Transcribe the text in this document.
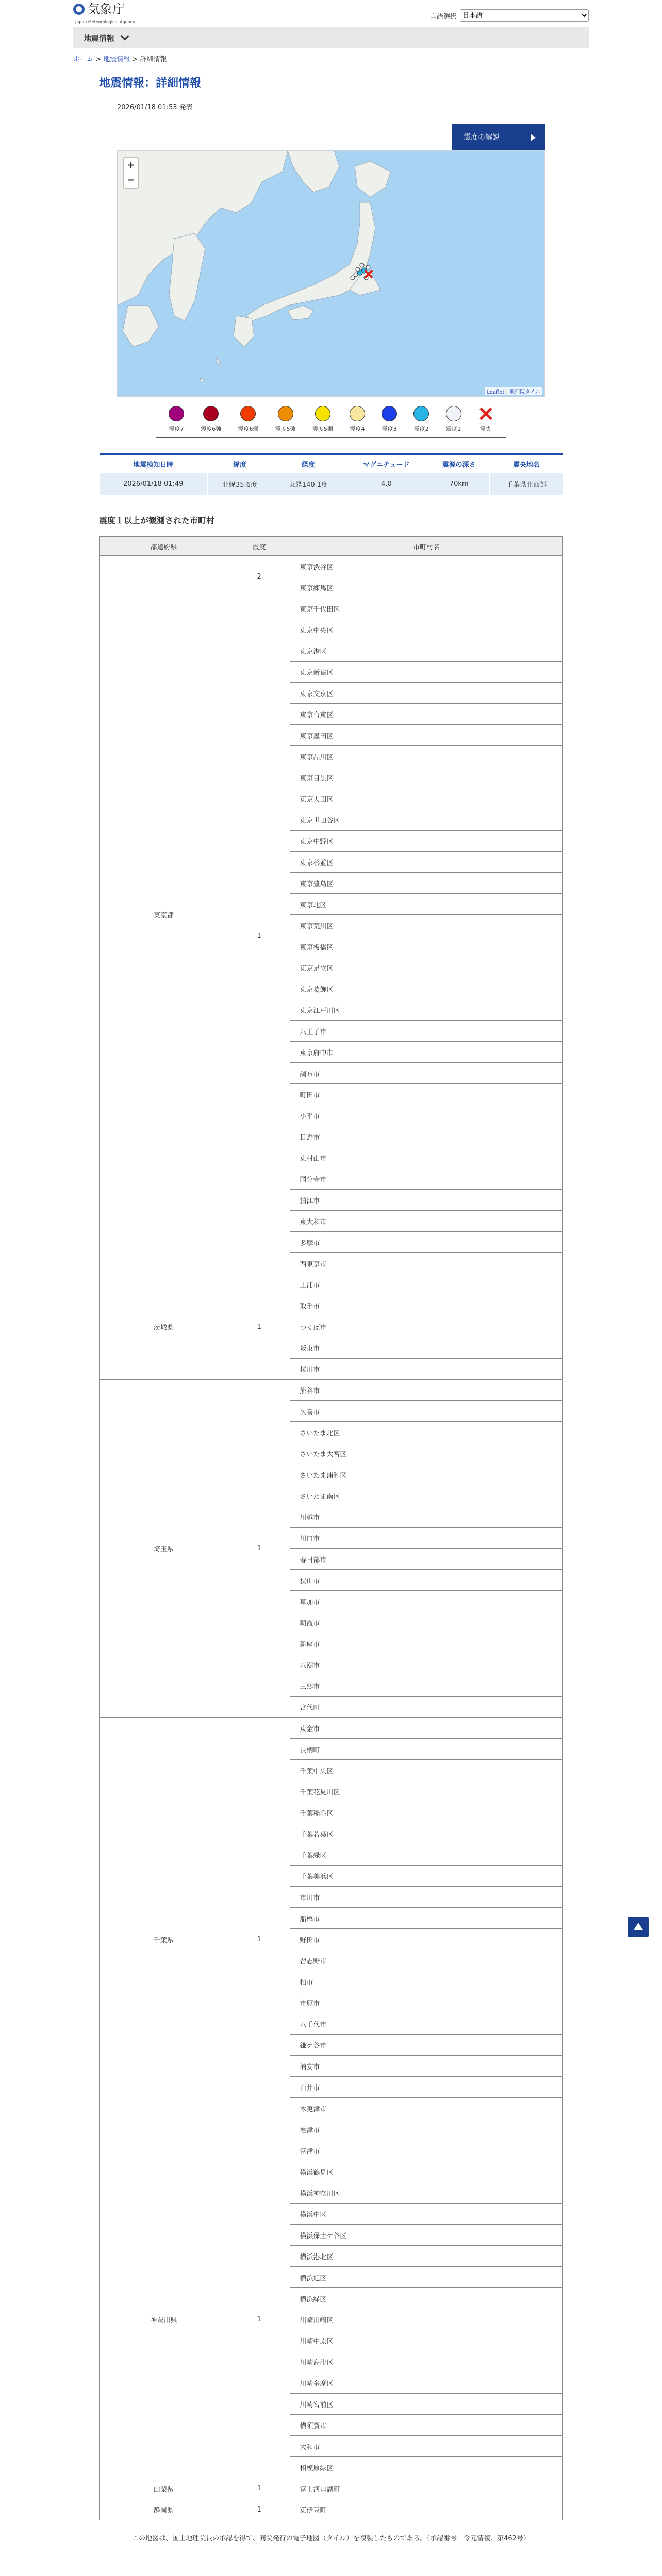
気象庁
Japan Meteorological Agency
言語選択
日本語
地震情報
ホーム > 地震情報 > 詳細情報
地震情報：詳細情報
2026/01/18 01:53 発表
震度の解説
+
−
Leaflet | 地理院タイル
震度7	震度6強	震度6弱	震度5強	震度5弱	震度4	震度3	震度2	震度1	震央
地震検知日時	緯度	経度	マグニチュード	震源の深さ	震央地名
2026/01/18 01:49	北緯35.6度	東経140.1度	4.0	70km	千葉県北西部
震度１以上が観測された市町村
都道府県	震度	市町村名
東京都	2	東京渋谷区
		東京練馬区
	1	東京千代田区
		東京中央区
		東京港区
		東京新宿区
		東京文京区
		東京台東区
		東京墨田区
		東京品川区
		東京目黒区
		東京大田区
		東京世田谷区
		東京中野区
		東京杉並区
		東京豊島区
		東京北区
		東京荒川区
		東京板橋区
		東京足立区
		東京葛飾区
		東京江戸川区
		八王子市
		東京府中市
		調布市
		町田市
		小平市
		日野市
		東村山市
		国分寺市
		狛江市
		東大和市
		多摩市
		西東京市
茨城県	1	土浦市
		取手市
		つくば市
		坂東市
		桜川市
埼玉県	1	熊谷市
		久喜市
		さいたま北区
		さいたま大宮区
		さいたま浦和区
		さいたま南区
		川越市
		川口市
		春日部市
		狭山市
		草加市
		朝霞市
		新座市
		八潮市
		三郷市
		宮代町
千葉県	1	東金市
		長柄町
		千葉中央区
		千葉花見川区
		千葉稲毛区
		千葉若葉区
		千葉緑区
		千葉美浜区
		市川市
		船橋市
		野田市
		習志野市
		柏市
		市原市
		八千代市
		鎌ケ谷市
		浦安市
		白井市
		木更津市
		君津市
		富津市
神奈川県	1	横浜鶴見区
		横浜神奈川区
		横浜中区
		横浜保土ケ谷区
		横浜港北区
		横浜旭区
		横浜緑区
		川崎川崎区
		川崎中原区
		川崎高津区
		川崎多摩区
		川崎宮前区
		横須賀市
		大和市
		相模原緑区
山梨県	1	富士河口湖町
静岡県	1	東伊豆町
この地図は、国土地理院長の承認を得て、同院発行の電子地図（タイル）を複製したものである。（承認番号　令元情複、第462号）
